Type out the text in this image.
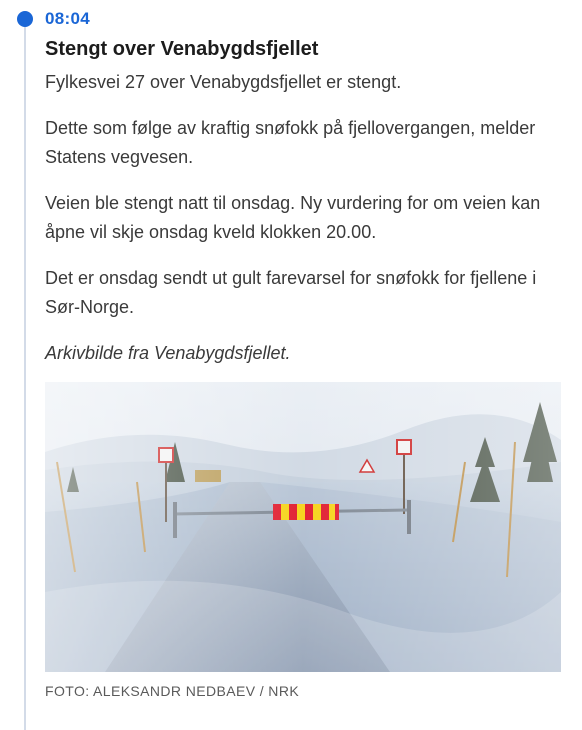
08:04
Stengt over Venabygdsfjellet

Fylkesvei 27 over Venabygdsfjellet er stengt.

Dette som følge av kraftig snøfokk på fjellovergangen, melder Statens vegvesen.

Veien ble stengt natt til onsdag. Ny vurdering for om veien kan åpne vil skje onsdag kveld klokken 20.00.

Det er onsdag sendt ut gult farevarsel for snøfokk for fjellene i Sør-Norge.

Arkivbilde fra Venabygdsfjellet.
FOTO: ALEKSANDR NEDBAEV / NRK
